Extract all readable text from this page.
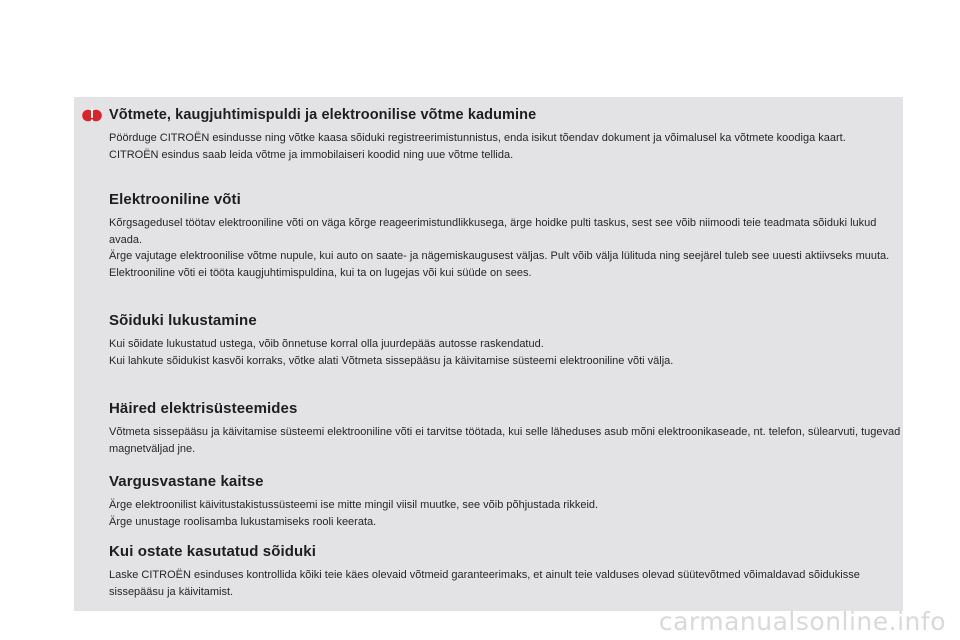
Võtmete, kaugjuhtimispuldi ja elektroonilise võtme kadumine

Pöörduge CITROËN esindusse ning võtke kaasa sõiduki registreerimistunnistus, enda isikut tõendav dokument ja võimalusel ka võtmete koodiga kaart.

CITROËN esindus saab leida võtme ja immobilaiseri koodid ning uue võtme tellida.

Elektrooniline võti

Kõrgsagedusel töötav elektrooniline võti on väga kõrge reageerimistundlikkusega, ärge hoidke pulti taskus, sest see võib niimoodi teie teadmata sõiduki lukud avada.

Ärge vajutage elektroonilise võtme nupule, kui auto on saate- ja nägemiskaugusest väljas. Pult võib välja lülituda ning seejärel tuleb see uuesti aktiivseks muuta.

Elektrooniline võti ei tööta kaugjuhtimispuldina, kui ta on lugejas või kui süüde on sees.

Sõiduki lukustamine

Kui sõidate lukustatud ustega, võib õnnetuse korral olla juurdepääs autosse raskendatud.

Kui lahkute sõidukist kasvõi korraks, võtke alati Võtmeta sissepääsu ja käivitamise süsteemi elektrooniline võti välja.

Häired elektrisüsteemides

Võtmeta sissepääsu ja käivitamise süsteemi elektrooniline võti ei tarvitse töötada, kui selle läheduses asub mõni elektroonikaseade, nt. telefon, sülearvuti, tugevad magnetväljad jne.

Vargusvastane kaitse

Ärge elektroonilist käivitustakistussüsteemi ise mitte mingil viisil muutke, see võib põhjustada rikkeid.

Ärge unustage roolisamba lukustamiseks rooli keerata.

Kui ostate kasutatud sõiduki

Laske CITROËN esinduses kontrollida kõiki teie käes olevaid võtmeid garanteerimaks, et ainult teie valduses olevad süütevõtmed võimaldavad sõidukisse sissepääsu ja käivitamist.

carmanualsonline.info
